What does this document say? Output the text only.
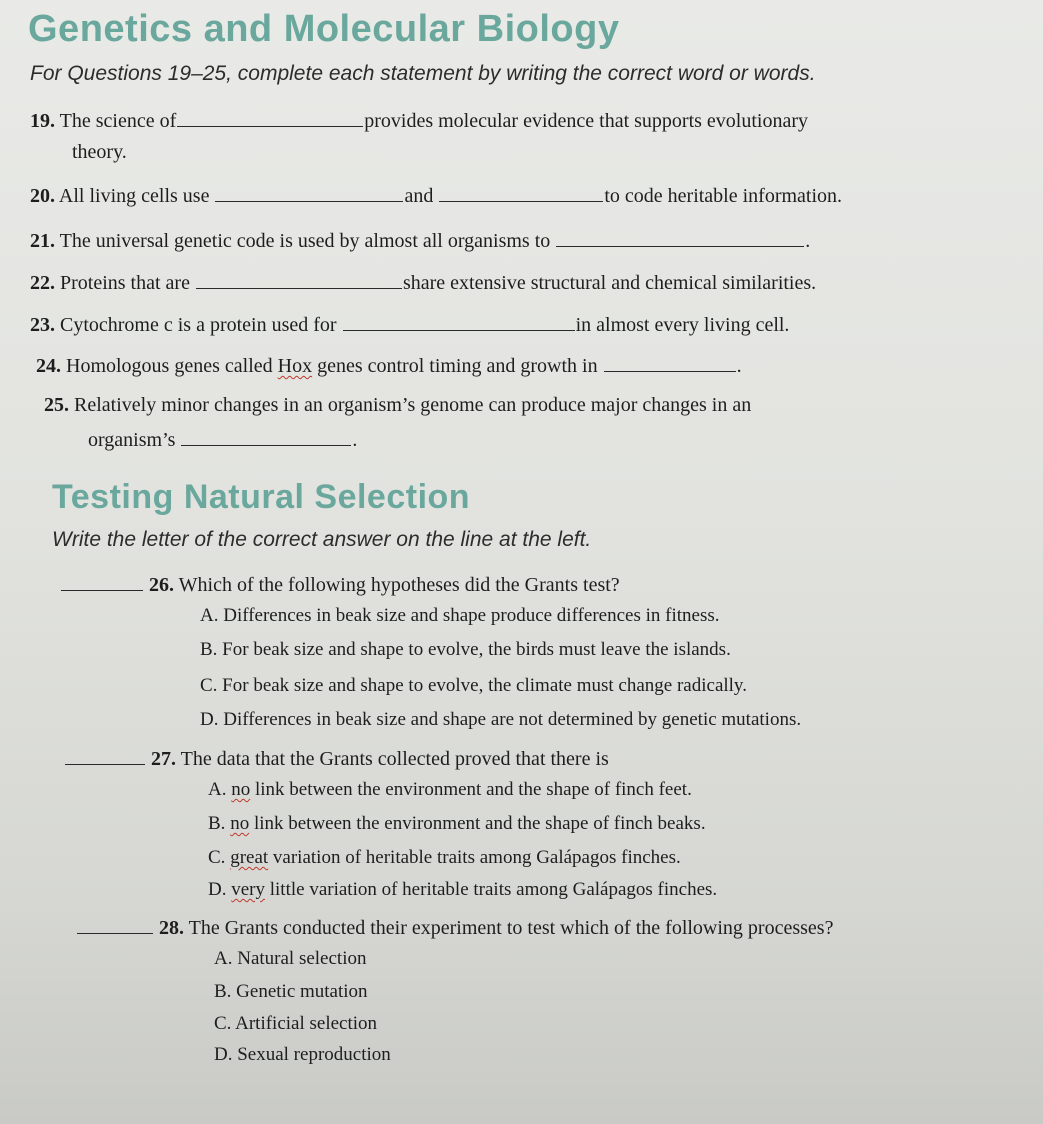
Genetics and Molecular Biology

For Questions 19–25, complete each statement by writing the correct word or words.

19. The science of	provides molecular evidence that supports evolutionary
theory.
20. All living cells use	and	to code heritable information.
21. The universal genetic code is used by almost all organisms to	.
22. Proteins that are	share extensive structural and chemical similarities.
23. Cytochrome c is a protein used for	in almost every living cell.
24. Homologous genes called Hox genes control timing and growth in	.
25. Relatively minor changes in an organism’s genome can produce major changes in an
organism’s	.
Testing Natural Selection

Write the letter of the correct answer on the line at the left.

26. Which of the following hypotheses did the Grants test?
A. Differences in beak size and shape produce differences in fitness.
B. For beak size and shape to evolve, the birds must leave the islands.
C. For beak size and shape to evolve, the climate must change radically.
D. Differences in beak size and shape are not determined by genetic mutations.
27. The data that the Grants collected proved that there is
A. no link between the environment and the shape of finch feet.
B. no link between the environment and the shape of finch beaks.
C. great variation of heritable traits among Galápagos finches.
D. very little variation of heritable traits among Galápagos finches.
28. The Grants conducted their experiment to test which of the following processes?
A. Natural selection
B. Genetic mutation
C. Artificial selection
D. Sexual reproduction
